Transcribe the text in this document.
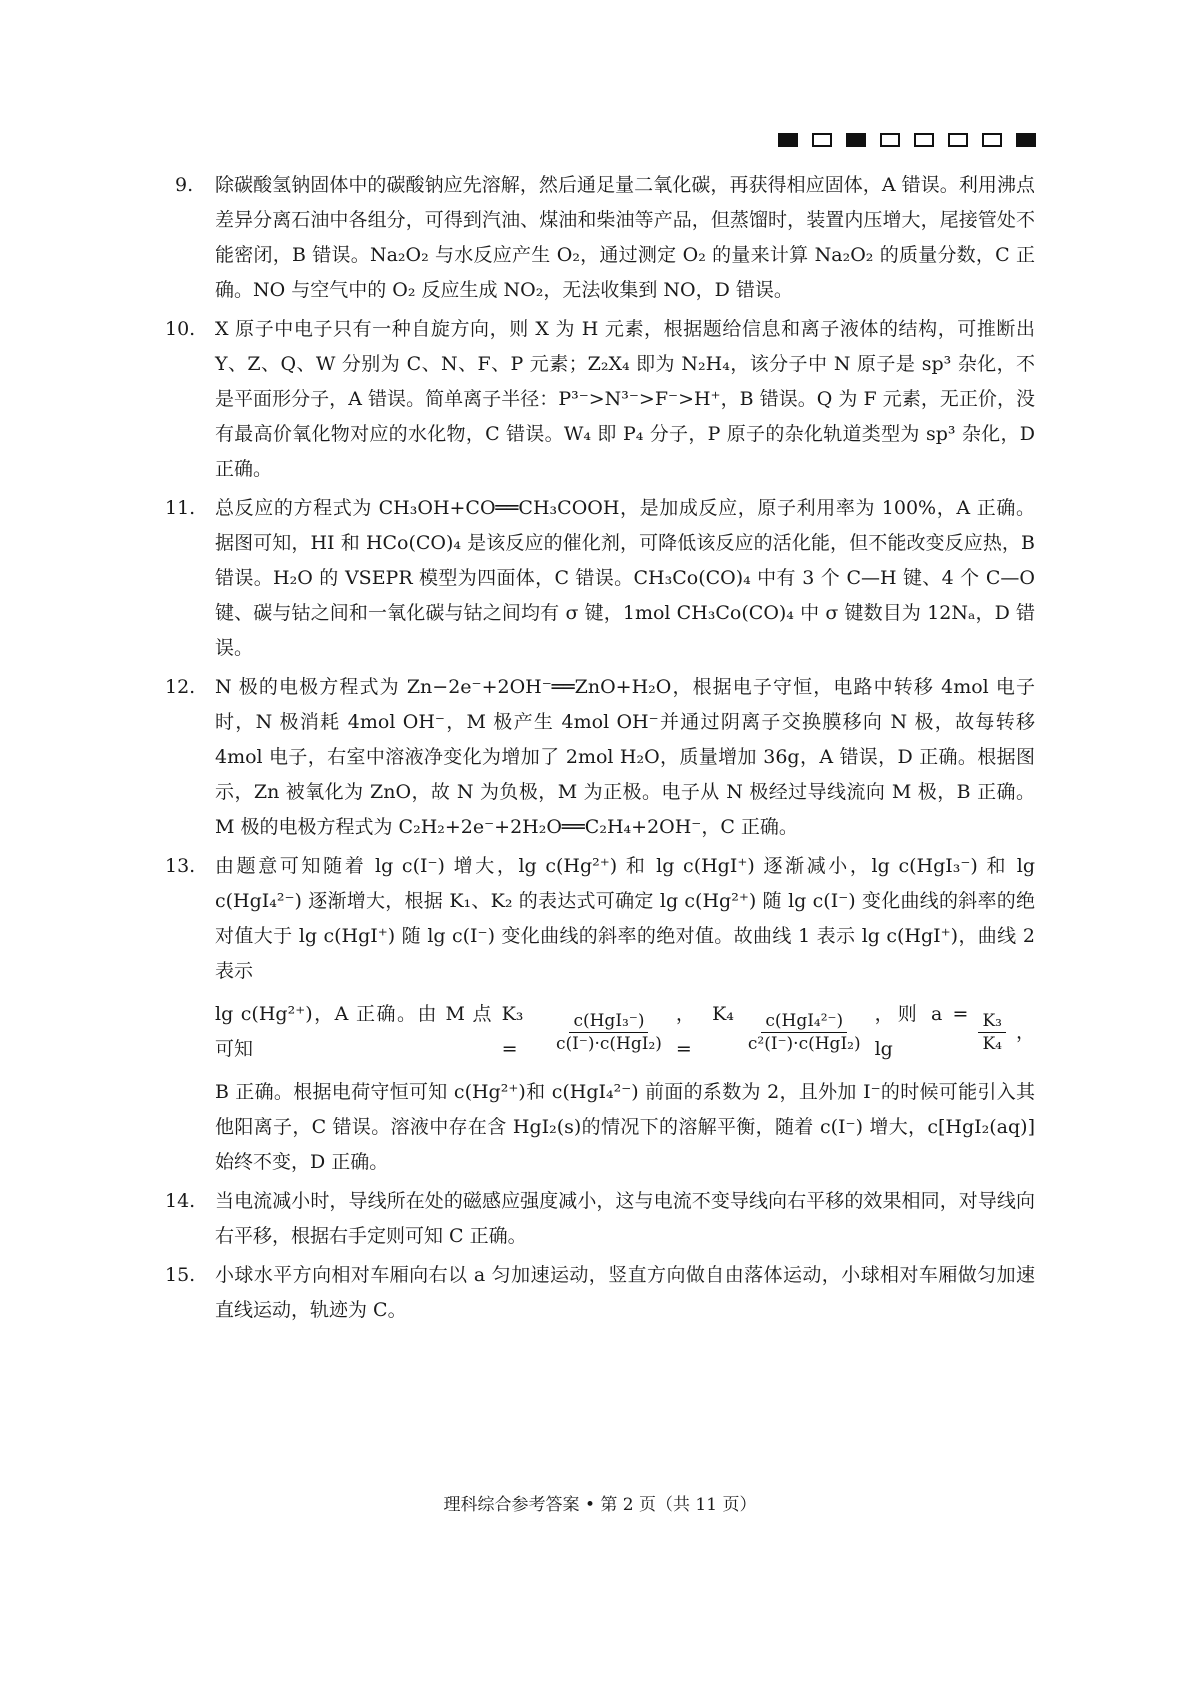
9.	除碳酸氢钠固体中的碳酸钠应先溶解，然后通足量二氧化碳，再获得相应固体，A 错误。利用沸点差异分离石油中各组分，可得到汽油、煤油和柴油等产品，但蒸馏时，装置内压增大，尾接管处不能密闭，B 错误。Na₂O₂ 与水反应产生 O₂，通过测定 O₂ 的量来计算 Na₂O₂ 的质量分数，C 正确。NO 与空气中的 O₂ 反应生成 NO₂，无法收集到 NO，D 错误。
10.	X 原子中电子只有一种自旋方向，则 X 为 H 元素，根据题给信息和离子液体的结构，可推断出 Y、Z、Q、W 分别为 C、N、F、P 元素；Z₂X₄ 即为 N₂H₄，该分子中 N 原子是 sp³ 杂化，不是平面形分子，A 错误。简单离子半径：P³⁻>N³⁻>F⁻>H⁺，B 错误。Q 为 F 元素，无正价，没有最高价氧化物对应的水化物，C 错误。W₄ 即 P₄ 分子，P 原子的杂化轨道类型为 sp³ 杂化，D 正确。
11.	总反应的方程式为 CH₃OH+CO══CH₃COOH，是加成反应，原子利用率为 100%，A 正确。据图可知，HI 和 HCo(CO)₄ 是该反应的催化剂，可降低该反应的活化能，但不能改变反应热，B 错误。H₂O 的 VSEPR 模型为四面体，C 错误。CH₃Co(CO)₄ 中有 3 个 C—H 键、4 个 C—O 键、碳与钴之间和一氧化碳与钴之间均有 σ 键，1mol CH₃Co(CO)₄ 中 σ 键数目为 12Nₐ，D 错误。
12.	N 极的电极方程式为 Zn−2e⁻+2OH⁻══ZnO+H₂O，根据电子守恒，电路中转移 4mol 电子时，N 极消耗 4mol OH⁻，M 极产生 4mol OH⁻并通过阴离子交换膜移向 N 极，故每转移 4mol 电子，右室中溶液净变化为增加了 2mol H₂O，质量增加 36g，A 错误，D 正确。根据图示，Zn 被氧化为 ZnO，故 N 为负极，M 为正极。电子从 N 极经过导线流向 M 极，B 正确。M 极的电极方程式为 C₂H₂+2e⁻+2H₂O══C₂H₄+2OH⁻，C 正确。
13.	由题意可知随着 lg c(I⁻) 增大，lg c(Hg²⁺) 和 lg c(HgI⁺) 逐渐减小，lg c(HgI₃⁻) 和 lg c(HgI₄²⁻) 逐渐增大，根据 K₁、K₂ 的表达式可确定 lg c(Hg²⁺) 随 lg c(I⁻) 变化曲线的斜率的绝对值大于 lg c(HgI⁺) 随 lg c(I⁻) 变化曲线的斜率的绝对值。故曲线 1 表示 lg c(HgI⁺)，曲线 2 表示
lg c(Hg²⁺)，A 正确。由 M 点可知
K₃ =	$\frac{\text{c(HgI₃⁻)}}{\text{c(I⁻)·c(HgI₂)}}$ ，K₄ =	$\frac{\text{c(HgI₄²⁻)}}{\text{c²(I⁻)·c(HgI₂)}}$ ，则 a = lg	$\frac{\text{K₃}}{\text{K₄}}$ ，
B 正确。根据电荷守恒可知 c(Hg²⁺)和 c(HgI₄²⁻) 前面的系数为 2，且外加 I⁻的时候可能引入其他阳离子，C 错误。溶液中存在含 HgI₂(s)的情况下的溶解平衡，随着 c(I⁻) 增大，c[HgI₂(aq)]始终不变，D 正确。
14.	当电流减小时，导线所在处的磁感应强度减小，这与电流不变导线向右平移的效果相同，对导线向右平移，根据右手定则可知 C 正确。
15.	小球水平方向相对车厢向右以 a 匀加速运动，竖直方向做自由落体运动，小球相对车厢做匀加速直线运动，轨迹为 C。
理科综合参考答案 • 第 2 页（共 11 页）
